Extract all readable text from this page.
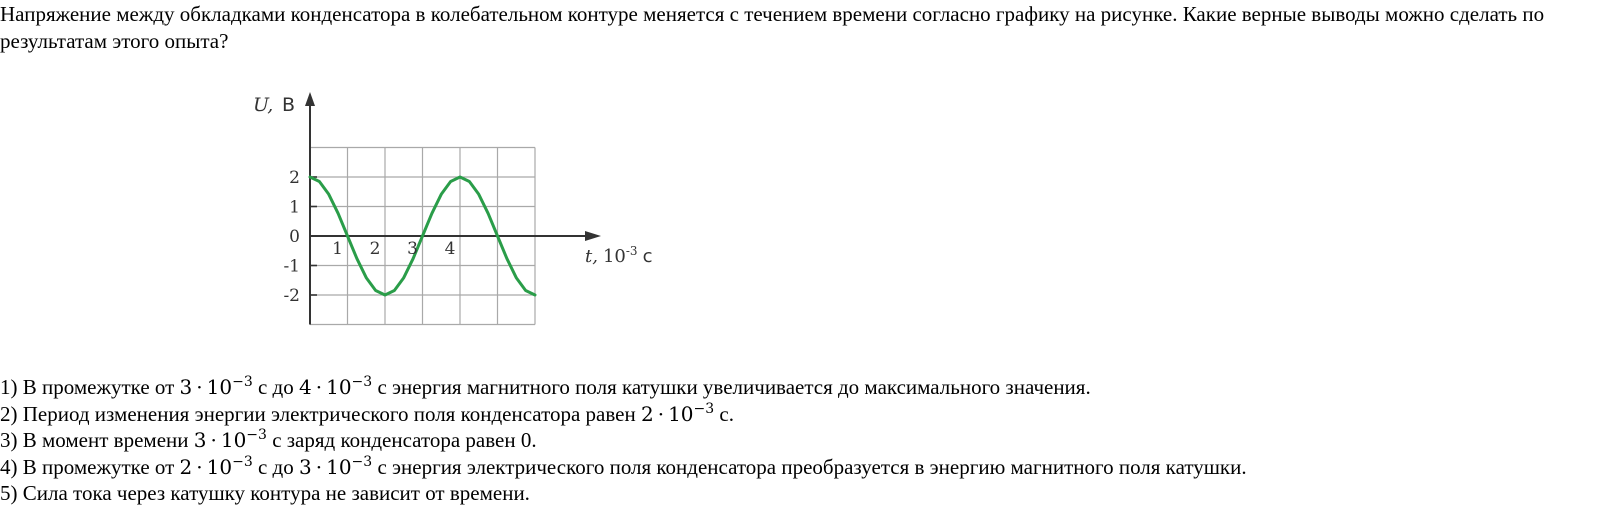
Напряжение между обкладками конденсатора в колебательном контуре меняется с течением времени согласно графику на рисунке. Какие верные выводы можно сделать по результатам этого опыта?
2
1
0
-1
-2
1 2 3 4
U, В
t, $10^{-3}$ с
1) В промежутке от $3 \cdot 10^{-3}$ с до $4 \cdot 10^{-3}$ с энергия магнитного поля катушки увеличивается до максимального значения.
2) Период изменения энергии электрического поля конденсатора равен $2 \cdot 10^{-3}$ с.
3) В момент времени $3 \cdot 10^{-3}$ с заряд конденсатора равен 0.
4) В промежутке от $2 \cdot 10^{-3}$ с до $3 \cdot 10^{-3}$ с энергия электрического поля конденсатора преобразуется в энергию магнитного поля катушки.
5) Сила тока через катушку контура не зависит от времени.
